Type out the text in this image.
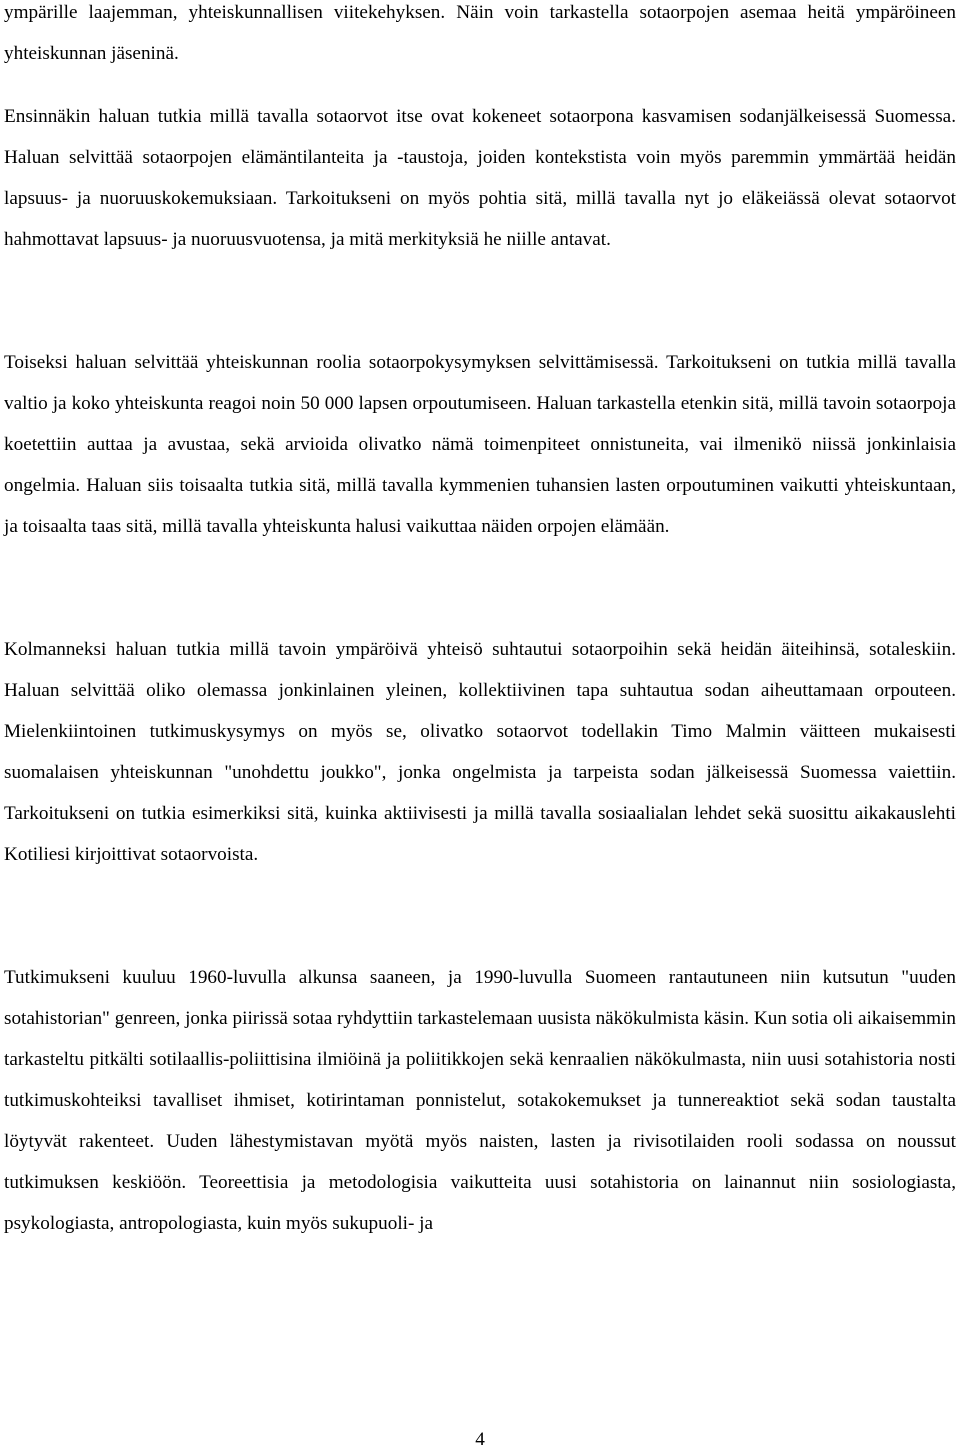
ympärille laajemman, yhteiskunnallisen viitekehyksen. Näin voin tarkastella sotaorpojen asemaa heitä ympäröineen yhteiskunnan jäseninä.

Ensinnäkin haluan tutkia millä tavalla sotaorvot itse ovat kokeneet sotaorpona kasvamisen sodanjälkeisessä Suomessa. Haluan selvittää sotaorpojen elämäntilanteita ja -taustoja, joiden kontekstista voin myös paremmin ymmärtää heidän lapsuus- ja nuoruuskokemuksiaan. Tarkoitukseni on myös pohtia sitä, millä tavalla nyt jo eläkeiässä olevat sotaorvot hahmottavat lapsuus- ja nuoruusvuotensa, ja mitä merkityksiä he niille antavat.

Toiseksi haluan selvittää yhteiskunnan roolia sotaorpokysymyksen selvittämisessä. Tarkoitukseni on tutkia millä tavalla valtio ja koko yhteiskunta reagoi noin 50 000 lapsen orpoutumiseen. Haluan tarkastella etenkin sitä, millä tavoin sotaorpoja koetettiin auttaa ja avustaa, sekä arvioida olivatko nämä toimenpiteet onnistuneita, vai ilmenikö niissä jonkinlaisia ongelmia. Haluan siis toisaalta tutkia sitä, millä tavalla kymmenien tuhansien lasten orpoutuminen vaikutti yhteiskuntaan, ja toisaalta taas sitä, millä tavalla yhteiskunta halusi vaikuttaa näiden orpojen elämään.

Kolmanneksi haluan tutkia millä tavoin ympäröivä yhteisö suhtautui sotaorpoihin sekä heidän äiteihinsä, sotaleskiin. Haluan selvittää oliko olemassa jonkinlainen yleinen, kollektiivinen tapa suhtautua sodan aiheuttamaan orpouteen. Mielenkiintoinen tutkimuskysymys on myös se, olivatko sotaorvot todellakin Timo Malmin väitteen mukaisesti suomalaisen yhteiskunnan "unohdettu joukko", jonka ongelmista ja tarpeista sodan jälkeisessä Suomessa vaiettiin. Tarkoitukseni on tutkia esimerkiksi sitä, kuinka aktiivisesti ja millä tavalla sosiaalialan lehdet sekä suosittu aikakauslehti Kotiliesi kirjoittivat sotaorvoista.

Tutkimukseni kuuluu 1960-luvulla alkunsa saaneen, ja 1990-luvulla Suomeen rantautuneen niin kutsutun "uuden sotahistorian" genreen, jonka piirissä sotaa ryhdyttiin tarkastelemaan uusista näkökulmista käsin. Kun sotia oli aikaisemmin tarkasteltu pitkälti sotilaallis-poliittisina ilmiöinä ja poliitikkojen sekä kenraalien näkökulmasta, niin uusi sotahistoria nosti tutkimuskohteiksi tavalliset ihmiset, kotirintaman ponnistelut, sotakokemukset ja tunnereaktiot sekä sodan taustalta löytyvät rakenteet. Uuden lähestymistavan myötä myös naisten, lasten ja rivisotilaiden rooli sodassa on noussut tutkimuksen keskiöön. Teoreettisia ja metodologisia vaikutteita uusi sotahistoria on lainannut niin sosiologiasta, psykologiasta, antropologiasta, kuin myös sukupuoli- ja

4
